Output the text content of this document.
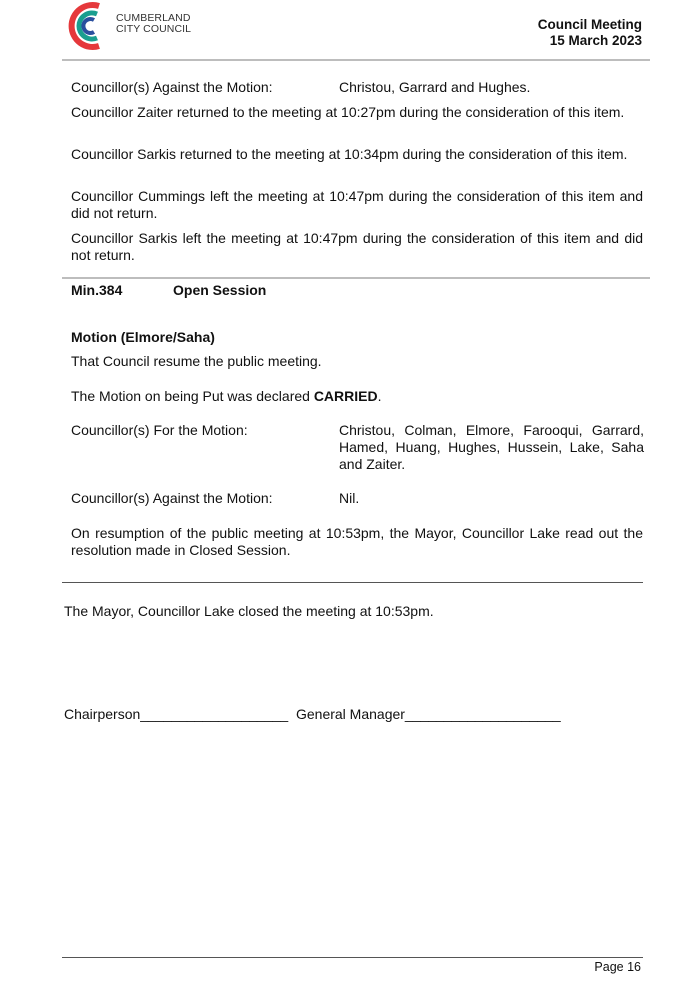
CUMBERLAND
CITY COUNCIL	Council Meeting
15 March 2023
Councillor(s) Against the Motion:	Christou, Garrard and Hughes.
Councillor Zaiter returned to the meeting at 10:27pm during the consideration of this item.
Councillor Sarkis returned to the meeting at 10:34pm during the consideration of this item.
Councillor Cummings left the meeting at 10:47pm during the consideration of this item and did not return.
Councillor Sarkis left the meeting at 10:47pm during the consideration of this item and did not return.
Min.384	Open Session
Motion (Elmore/Saha)
That Council resume the public meeting.
The Motion on being Put was declared CARRIED.
Councillor(s) For the Motion:	Christou, Colman, Elmore, Farooqui, Garrard, Hamed, Huang, Hughes, Hussein, Lake, Saha and Zaiter.
Councillor(s) Against the Motion:	Nil.
On resumption of the public meeting at 10:53pm, the Mayor, Councillor Lake read out the resolution made in Closed Session.
The Mayor, Councillor Lake closed the meeting at 10:53pm.
Chairperson___________________ General Manager____________________
Page 16
